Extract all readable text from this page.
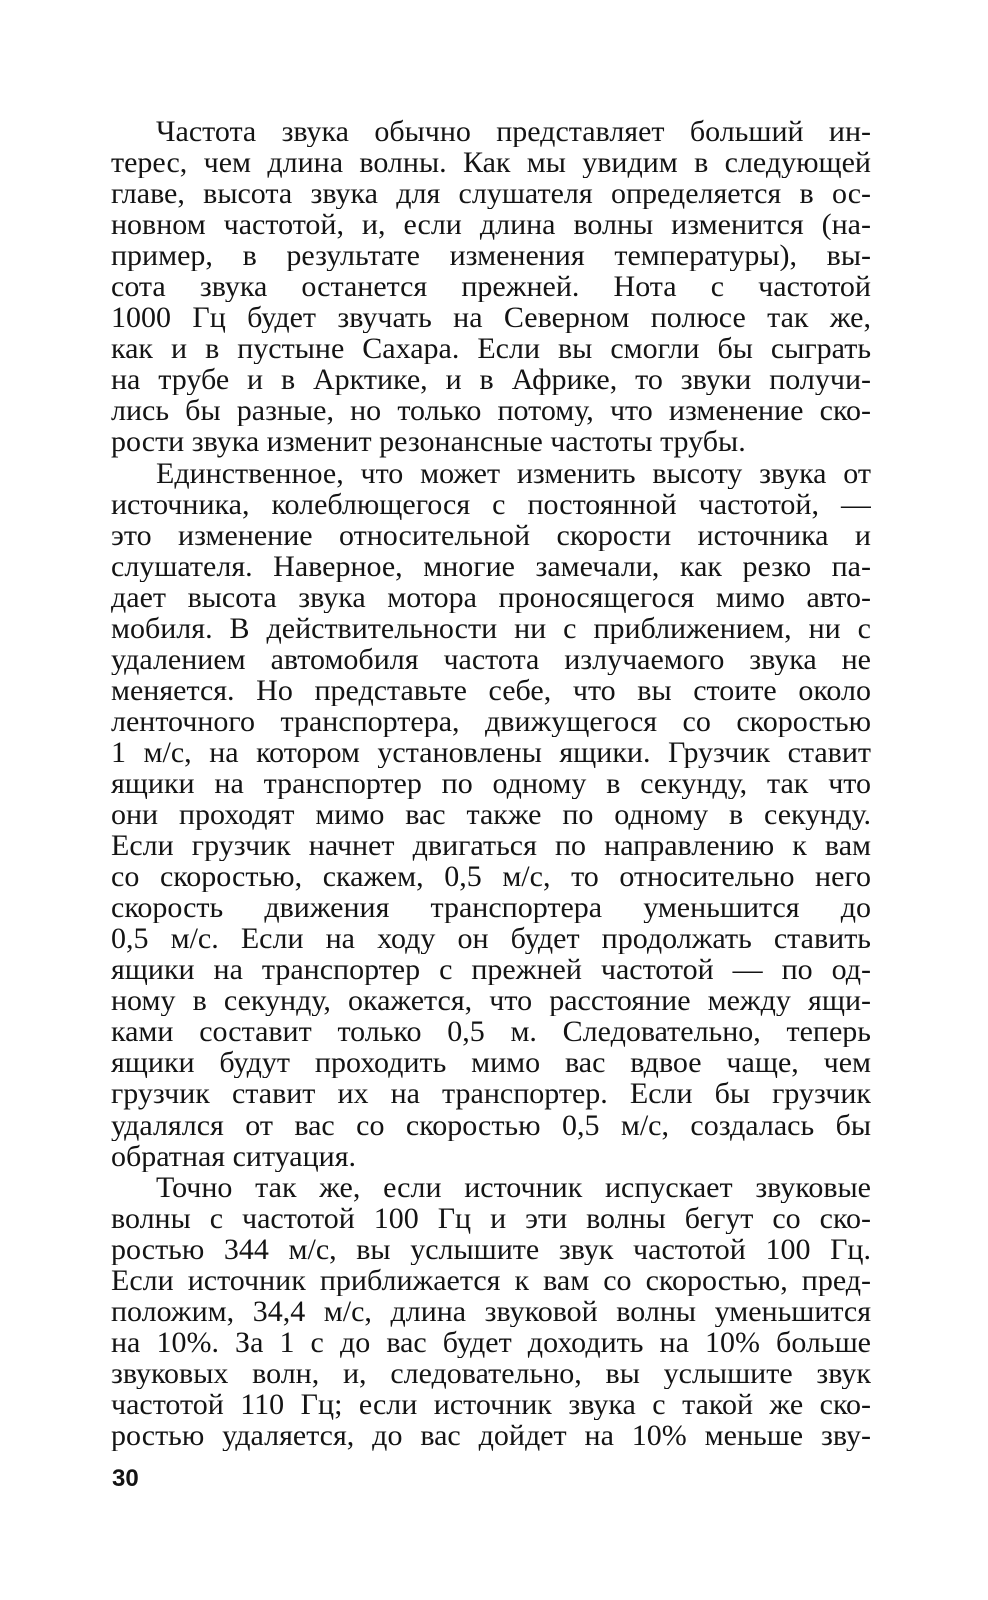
Частота звука обычно представляет больший ин-
терес, чем длина волны. Как мы увидим в следующей
главе, высота звука для слушателя определяется в ос-
новном частотой, и, если длина волны изменится (на-
пример, в результате изменения температуры), вы-
сота звука останется прежней. Нота с частотой
1000 Гц будет звучать на Северном полюсе так же,
как и в пустыне Сахара. Если вы смогли бы сыграть
на трубе и в Арктике, и в Африке, то звуки получи-
лись бы разные, но только потому, что изменение ско-
рости звука изменит резонансные частоты трубы.
Единственное, что может изменить высоту звука от
источника, колеблющегося с постоянной частотой, —
это изменение относительной скорости источника и
слушателя. Наверное, многие замечали, как резко па-
дает высота звука мотора проносящегося мимо авто-
мобиля. В действительности ни с приближением, ни с
удалением автомобиля частота излучаемого звука не
меняется. Но представьте себе, что вы стоите около
ленточного транспортера, движущегося со скоростью
1 м/с, на котором установлены ящики. Грузчик ставит
ящики на транспортер по одному в секунду, так что
они проходят мимо вас также по одному в секунду.
Если грузчик начнет двигаться по направлению к вам
со скоростью, скажем, 0,5 м/с, то относительно него
скорость движения транспортера уменьшится до
0,5 м/с. Если на ходу он будет продолжать ставить
ящики на транспортер с прежней частотой — по од-
ному в секунду, окажется, что расстояние между ящи-
ками составит только 0,5 м. Следовательно, теперь
ящики будут проходить мимо вас вдвое чаще, чем
грузчик ставит их на транспортер. Если бы грузчик
удалялся от вас со скоростью 0,5 м/с, создалась бы
обратная ситуация.
Точно так же, если источник испускает звуковые
волны с частотой 100 Гц и эти волны бегут со ско-
ростью 344 м/с, вы услышите звук частотой 100 Гц.
Если источник приближается к вам со скоростью, пред-
положим, 34,4 м/с, длина звуковой волны уменьшится
на 10%. За 1 с до вас будет доходить на 10% больше
звуковых волн, и, следовательно, вы услышите звук
частотой 110 Гц; если источник звука с такой же ско-
ростью удаляется, до вас дойдет на 10% меньше зву-
30
